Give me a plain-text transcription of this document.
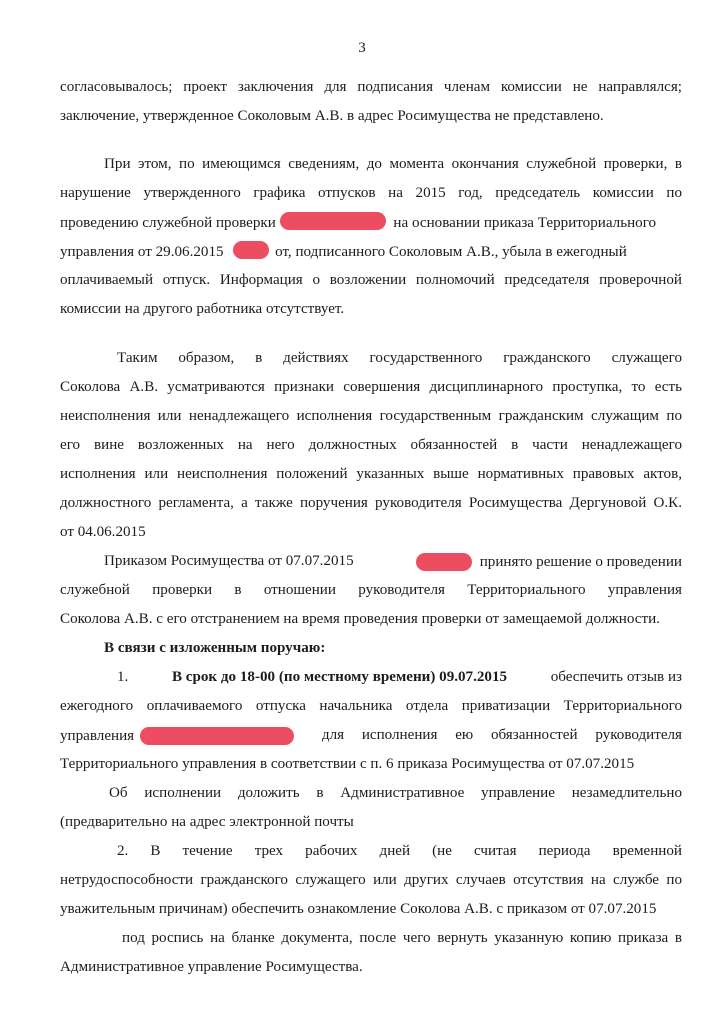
3
согласовывалось; проект заключения для подписания членам комиссии не направлялся;
заключение, утвержденное Соколовым А.В. в адрес Росимущества не представлено.
При этом, по имеющимся сведениям, до момента окончания служебной проверки, в
нарушение утвержденного графика отпусков на 2015 год, председатель комиссии по
проведению служебной проверки	на основании приказа Территориального
управления от 29.06.2015	от, подписанного Соколовым А.В., убыла в ежегодный
оплачиваемый отпуск. Информация о возложении полномочий председателя проверочной
комиссии на другого работника отсутствует.
Таким образом, в действиях государственного гражданского служащего
Соколова А.В. усматриваются признаки совершения дисциплинарного проступка, то есть
неисполнения или ненадлежащего исполнения государственным гражданским служащим по
его вине возложенных на него должностных обязанностей в части ненадлежащего
исполнения или неисполнения положений указанных выше нормативных правовых актов,
должностного регламента, а также поручения руководителя Росимущества Дергуновой О.К.
от 04.06.2015
Приказом Росимущества от 07.07.2015	принято решение о проведении
служебной проверки в отношении руководителя Территориального управления
Соколова А.В. с его отстранением на время проведения проверки от замещаемой должности.
В связи с изложенным поручаю:
1.	В срок до 18-00 (по местному времени) 09.07.2015	обеспечить отзыв из
ежегодного оплачиваемого отпуска начальника отдела приватизации Территориального
управления	для исполнения ею обязанностей руководителя
Территориального управления в соответствии с п. 6 приказа Росимущества от 07.07.2015
Об исполнении доложить в Административное управление незамедлительно
(предварительно на адрес электронной почты
2. В течение трех рабочих дней (не считая периода временной
нетрудоспособности гражданского служащего или других случаев отсутствия на службе по
уважительным причинам) обеспечить ознакомление Соколова А.В. с приказом от 07.07.2015
под роспись на бланке документа, после чего вернуть указанную копию приказа в
Административное управление Росимущества.
